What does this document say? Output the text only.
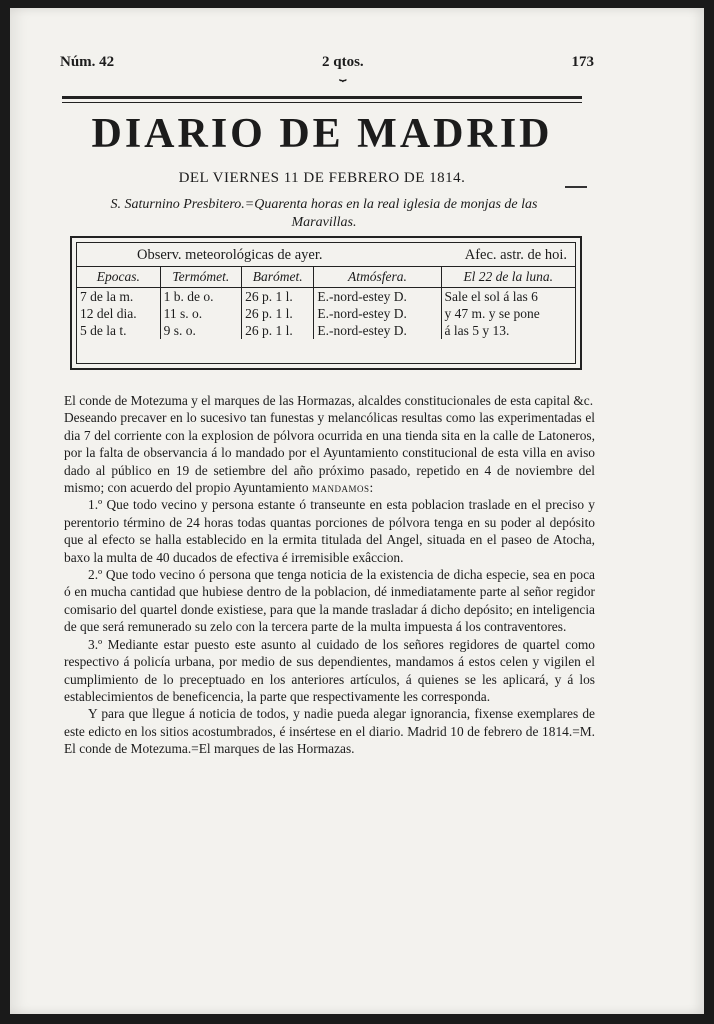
Núm. 42	2 qtos.
⏟
173
DIARIO DE MADRID
DEL VIERNES 11 DE FEBRERO DE 1814.
S. Saturnino Presbitero.=Quarenta horas en la real iglesia de monjas de las Maravillas.
Observ. meteorológicas de ayer.	Afec. astr. de hoi.
Epocas.	Termómet.	Barómet.	Atmósfera.	El 22 de la luna.
7 de la m.	1 b. de o.	26 p. 1 l.	E.-nord-estey D.	Sale el sol á las 6
12 del dia.	11 s. o.	26 p. 1 l.	E.-nord-estey D.	y 47 m. y se pone
5 de la t.	9 s. o.	26 p. 1 l.	E.-nord-estey D.	á las 5 y 13.

El conde de Motezuma y el marques de las Hormazas, alcaldes constitucionales de esta capital &c.

Deseando precaver en lo sucesivo tan funestas y melancólicas resultas como las experimentadas el dia 7 del corriente con la explosion de pólvora ocurrida en una tienda sita en la calle de Latoneros, por la falta de observancia á lo mandado por el Ayuntamiento constitucional de esta villa en aviso dado al público en 19 de setiembre del año próximo pasado, repetido en 4 de noviembre del mismo; con acuerdo del propio Ayuntamiento mandamos:

1.º Que todo vecino y persona estante ó transeunte en esta poblacion traslade en el preciso y perentorio término de 24 horas todas quantas porciones de pólvora tenga en su poder al depósito que al efecto se halla establecido en la ermita titulada del Angel, situada en el paseo de Atocha, baxo la multa de 40 ducados de efectiva é irremisible exâccion.

2.º Que todo vecino ó persona que tenga noticia de la existencia de dicha especie, sea en poca ó en mucha cantidad que hubiese dentro de la poblacion, dé inmediatamente parte al señor regidor comisario del quartel donde existiese, para que la mande trasladar á dicho depósito; en inteligencia de que será remunerado su zelo con la tercera parte de la multa impuesta á los contraventores.

3.º Mediante estar puesto este asunto al cuidado de los señores regidores de quartel como respectivo á policía urbana, por medio de sus dependientes, mandamos á estos celen y vigilen el cumplimiento de lo preceptuado en los anteriores artículos, á quienes se les aplicará, y á los establecimientos de beneficencia, la parte que respectivamente les corresponda.

Y para que llegue á noticia de todos, y nadie pueda alegar ignorancia, fixense exemplares de este edicto en los sitios acostumbrados, é insértese en el diario. Madrid 10 de febrero de 1814.=M. El conde de Motezuma.=El marques de las Hormazas.
